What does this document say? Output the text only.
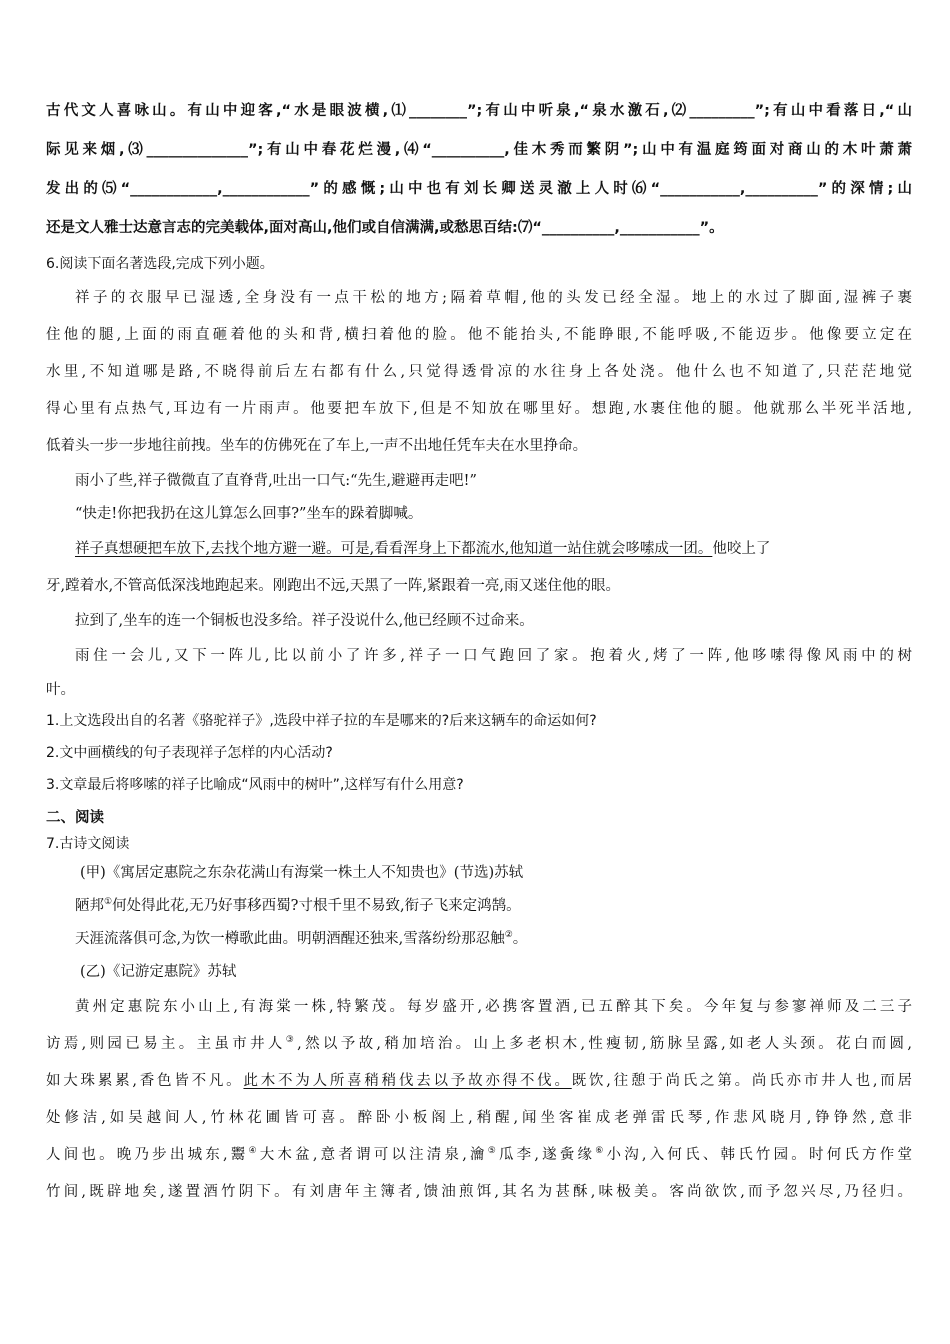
古代文人喜咏山。有山中迎客,“水是眼波横,⑴________”;有山中听泉,“泉水激石,⑵_________”;有山中看落日,“山
际见来烟,⑶______________”;有山中春花烂漫,⑷“__________,佳木秀而繁阴”;山中有温庭筠面对商山的木叶萧萧
发出的⑸“____________,____________”的感慨;山中也有刘长卿送灵澈上人时⑹“___________,__________”的深情;山
还是文人雅士达意言志的完美载体,面对高山,他们或自信满满,或愁思百结:⑺“__________,___________”。
6.阅读下面名著选段,完成下列小题。
祥子的衣服早已湿透,全身没有一点干松的地方;隔着草帽,他的头发已经全湿。地上的水过了脚面,湿裤子裹
住他的腿,上面的雨直砸着他的头和背,横扫着他的脸。他不能抬头,不能睁眼,不能呼吸,不能迈步。他像要立定在
水里,不知道哪是路,不晓得前后左右都有什么,只觉得透骨凉的水往身上各处浇。他什么也不知道了,只茫茫地觉
得心里有点热气,耳边有一片雨声。他要把车放下,但是不知放在哪里好。想跑,水裹住他的腿。他就那么半死半活地,
低着头一步一步地往前拽。坐车的仿佛死在了车上,一声不出地任凭车夫在水里挣命。
雨小了些,祥子微微直了直脊背,吐出一口气:“先生,避避再走吧!”
“快走!你把我扔在这儿算怎么回事?”坐车的跺着脚喊。
祥子真想硬把车放下,去找个地方避一避。可是,看看浑身上下都流水,他知道一站住就会哆嗦成一团。他咬上了
牙,蹚着水,不管高低深浅地跑起来。刚跑出不远,天黑了一阵,紧跟着一亮,雨又迷住他的眼。
拉到了,坐车的连一个铜板也没多给。祥子没说什么,他已经顾不过命来。
雨住一会儿,又下一阵儿,比以前小了许多,祥子一口气跑回了家。抱着火,烤了一阵,他哆嗦得像风雨中的树
叶。
1.上文选段出自的名著《骆驼祥子》,选段中祥子拉的车是哪来的?后来这辆车的命运如何?
2.文中画横线的句子表现祥子怎样的内心活动?
3.文章最后将哆嗦的祥子比喻成“风雨中的树叶”,这样写有什么用意?
二、阅读
7.古诗文阅读
(甲)《寓居定惠院之东杂花满山有海棠一株土人不知贵也》(节选)苏轼
陋邦①何处得此花,无乃好事移西蜀?寸根千里不易致,衔子飞来定鸿鹄。
天涯流落俱可念,为饮一樽歌此曲。明朝酒醒还独来,雪落纷纷那忍触②。
(乙)《记游定惠院》苏轼
黄州定惠院东小山上,有海棠一株,特繁茂。每岁盛开,必携客置酒,已五醉其下矣。今年复与参寥禅师及二三子
访焉,则园已易主。主虽市井人③,然以予故,稍加培治。山上多老枳木,性瘦韧,筋脉呈露,如老人头颈。花白而圆,
如大珠累累,香色皆不凡。此木不为人所喜稍稍伐去以予故亦得不伐。既饮,往憩于尚氏之第。尚氏亦市井人也,而居
处修洁,如吴越间人,竹林花圃皆可喜。醉卧小板阁上,稍醒,闻坐客崔成老弹雷氏琴,作悲风晓月,铮铮然,意非
人间也。晚乃步出城东,鬻④大木盆,意者谓可以注清泉,瀹⑤瓜李,遂夤缘⑥小沟,入何氏、韩氏竹园。时何氏方作堂
竹间,既辟地矣,遂置酒竹阴下。有刘唐年主簿者,馈油煎饵,其名为甚酥,味极美。客尚欲饮,而予忽兴尽,乃径归。
